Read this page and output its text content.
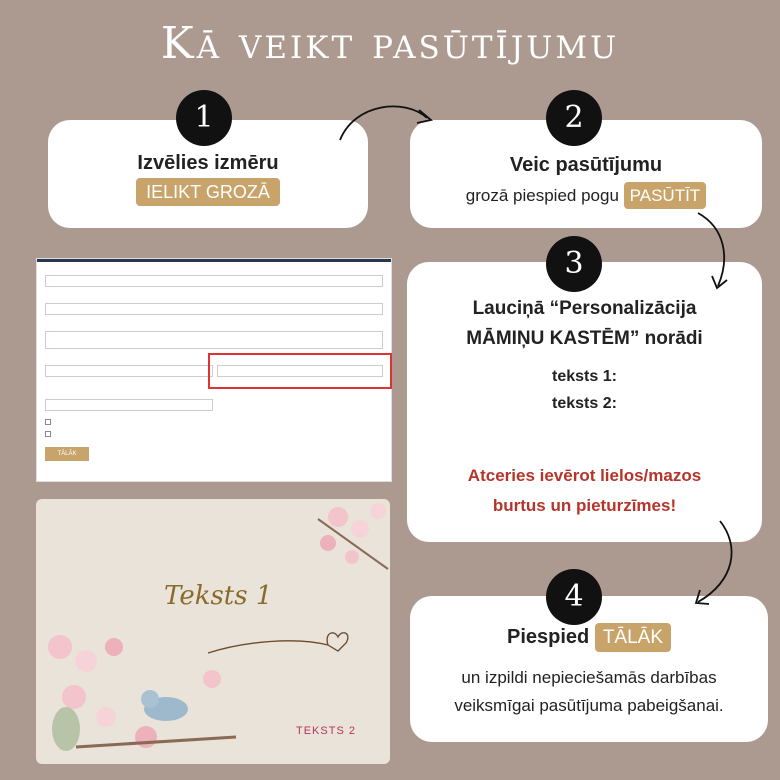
Kā veikt pasūtījumu
Izvēlies izmēru
IELIKT GROZĀ
1
Veic pasūtījumu
grozā piespied pogu PASŪTĪT
2
Lauciņā “Personalizācija
MĀMIŅU KASTĒM” norādi
teksts 1:
teksts 2:
Atceries ievērot lielos/mazos
burtus un pieturzīmes!
3
Piespied TĀLĀK
un izpildi nepieciešamās darbības
veiksmīgai pasūtījuma pabeigšanai.
4
TĀLĀK
Teksts 1
TEKSTS 2
